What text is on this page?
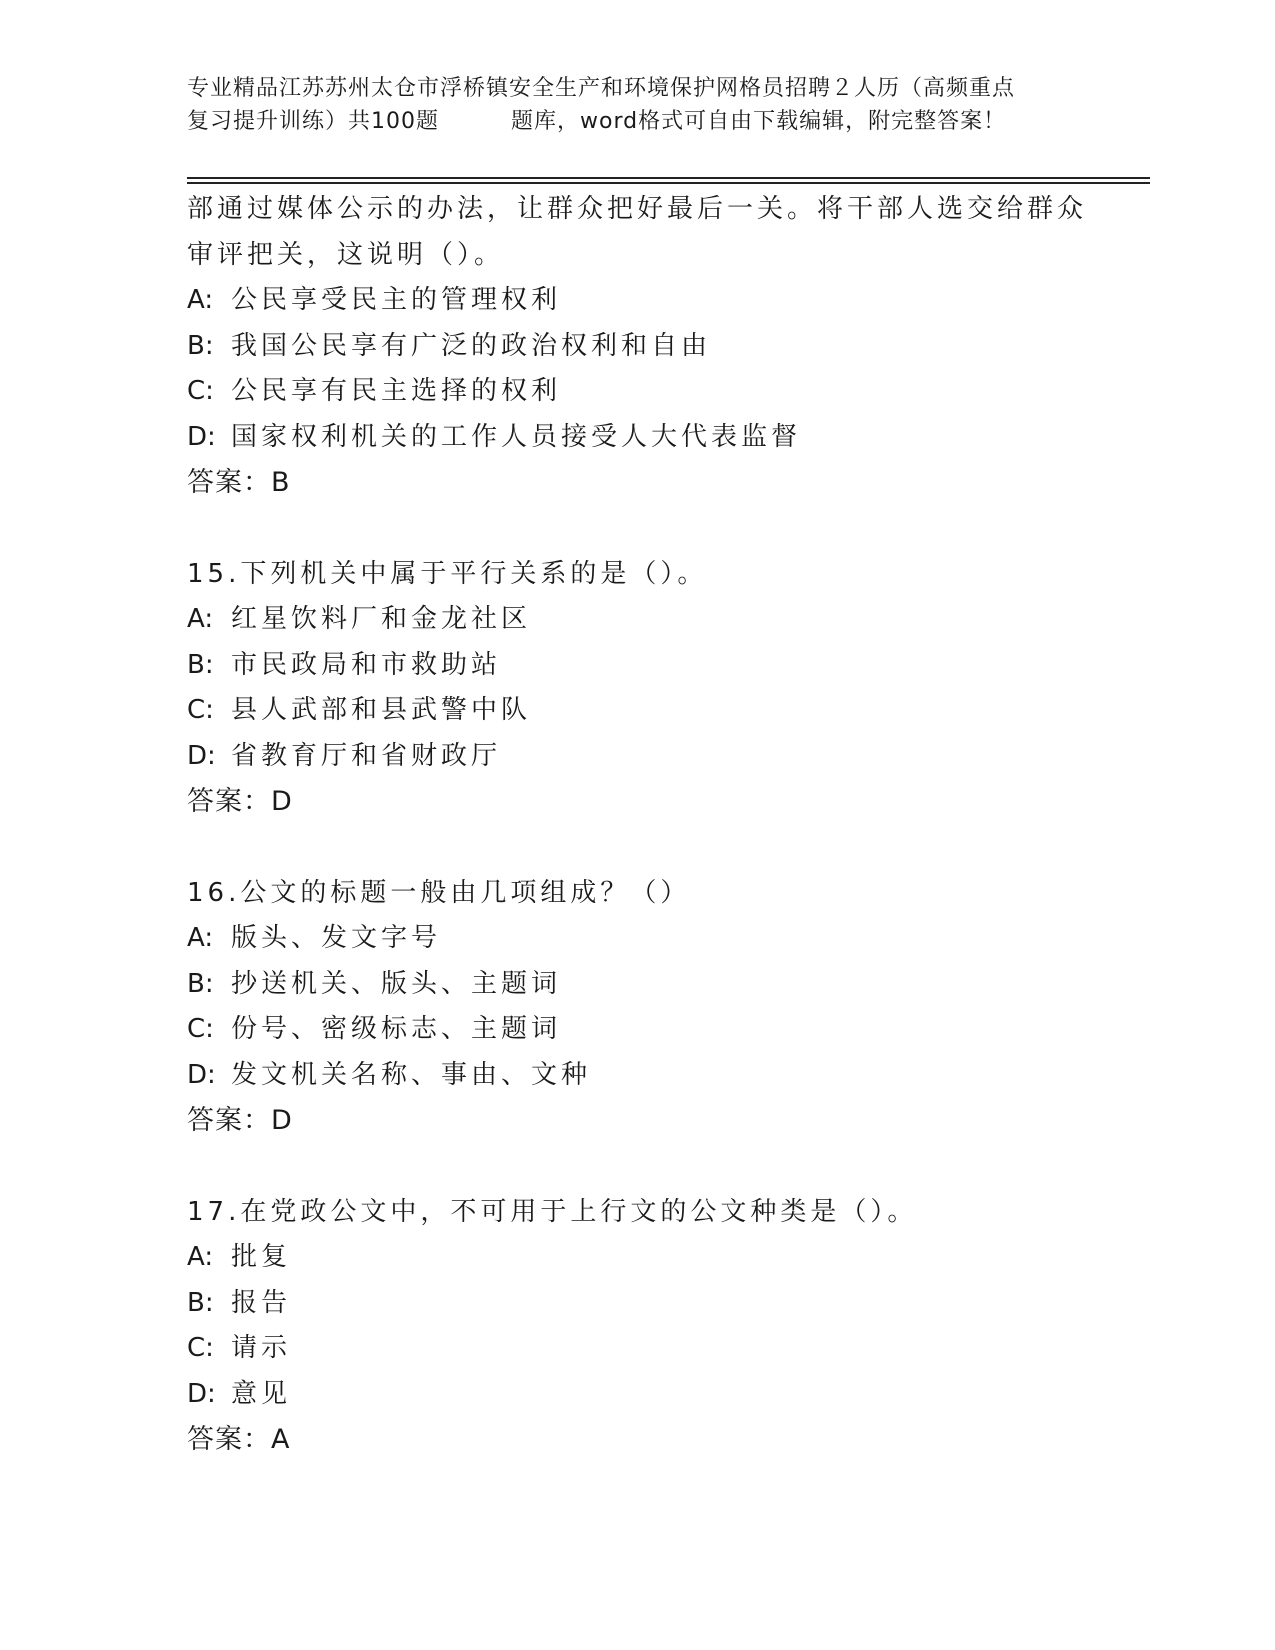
专业精品江苏苏州太仓市浮桥镇安全生产和环境保护网格员招聘２人历（高频重点
复习提升训练）共100题	题库，word格式可自由下载编辑，附完整答案！
部通过媒体公示的办法，让群众把好最后一关。将干部人选交给群众
审评把关，这说明（）。
A: 公民享受民主的管理权利
B: 我国公民享有广泛的政治权利和自由
C: 公民享有民主选择的权利
D: 国家权利机关的工作人员接受人大代表监督
答案：B
15.下列机关中属于平行关系的是（）。
A: 红星饮料厂和金龙社区
B: 市民政局和市救助站
C: 县人武部和县武警中队
D: 省教育厅和省财政厅
答案：D
16.公文的标题一般由几项组成？（）
A: 版头、发文字号
B: 抄送机关、版头、主题词
C: 份号、密级标志、主题词
D: 发文机关名称、事由、文种
答案：D
17.在党政公文中，不可用于上行文的公文种类是（）。
A: 批复
B: 报告
C: 请示
D: 意见
答案：A
